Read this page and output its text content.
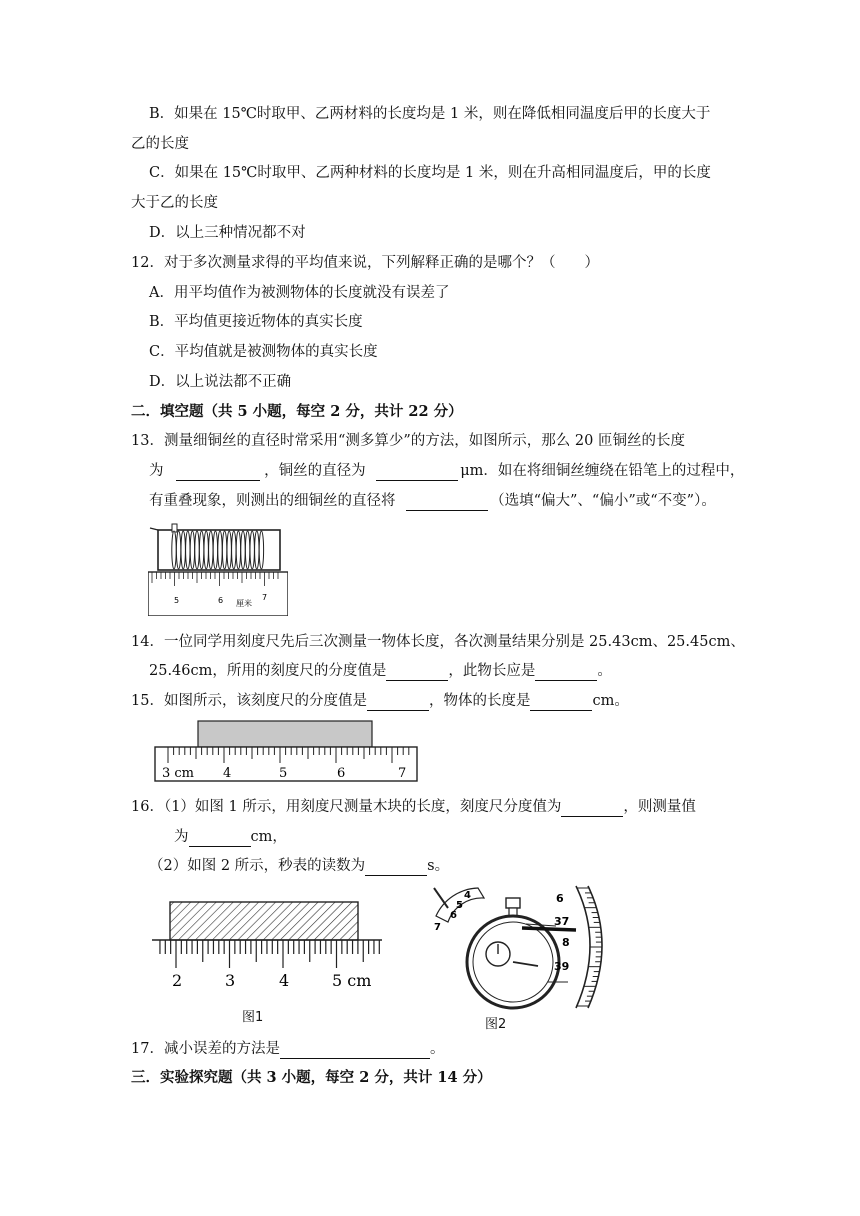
B．如果在 15℃时取甲、乙两材料的长度均是 1 米，则在降低相同温度后甲的长度大于
乙的长度
C．如果在 15℃时取甲、乙两种材料的长度均是 1 米，则在升高相同温度后，甲的长度
大于乙的长度
D．以上三种情况都不对
12．对于多次测量求得的平均值来说，下列解释正确的是哪个？（　　）
A．用平均值作为被测物体的长度就没有误差了
B．平均值更接近物体的真实长度
C．平均值就是被测物体的真实长度
D．以上说法都不正确
二．填空题（共 5 小题，每空 2 分，共计 22 分）
13．测量细铜丝的直径时常采用“测多算少”的方法，如图所示，那么 20 匝铜丝的长度
为	，铜丝的直径为	μm．如在将细铜丝缠绕在铅笔上的过程中，
有重叠现象，则测出的细铜丝的直径将	（选填“偏大”、“偏小”或“不变”）。
5	6 厘米
7
14．一位同学用刻度尺先后三次测量一物体长度，各次测量结果分别是 25.43cm、25.45cm、
25.46cm，所用的刻度尺的分度值是	，此物长应是	。
15．如图所示，该刻度尺的分度值是	，物体的长度是	cm。
3 cm 4	5	6	7
16．（1）如图 1 所示，用刻度尺测量木块的长度，刻度尺分度值为	，则测量值
为	cm，
（2）如图 2 所示，秒表的读数为	s。
2	3	4	5 cm
图1
4
5
6
7
6
37
8
39
图2
17．减小误差的方法是	。
三．实验探究题（共 3 小题，每空 2 分，共计 14 分）
